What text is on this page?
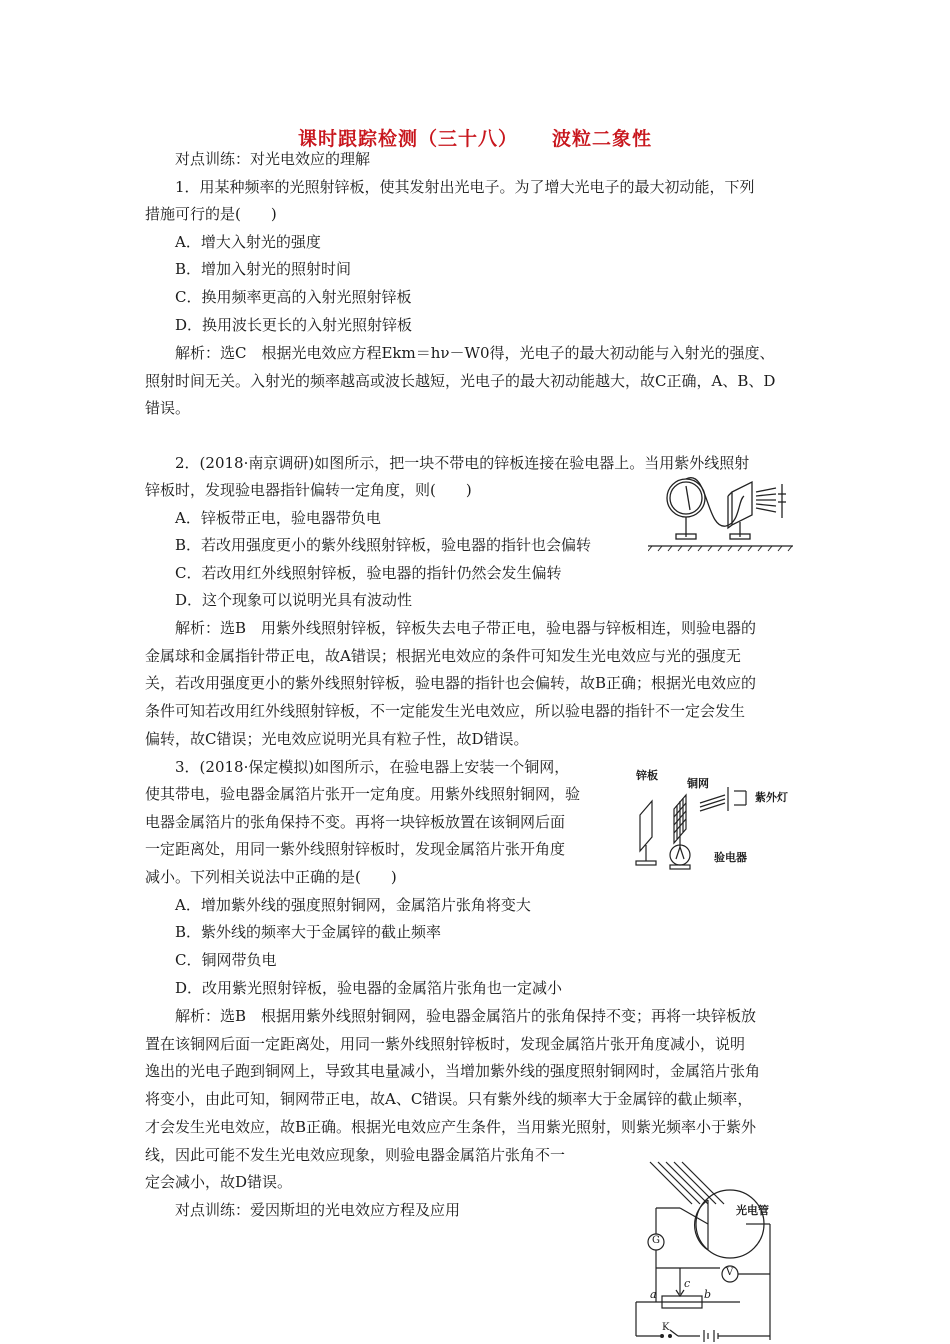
课时跟踪检测（三十八） 波粒二象性
对点训练：对光电效应的理解
1．用某种频率的光照射锌板，使其发射出光电子。为了增大光电子的最大初动能，下列
措施可行的是(　　)
A．增大入射光的强度
B．增加入射光的照射时间
C．换用频率更高的入射光照射锌板
D．换用波长更长的入射光照射锌板
解析：选C　根据光电效应方程Ekm＝hν－W0得，光电子的最大初动能与入射光的强度、
照射时间无关。入射光的频率越高或波长越短，光电子的最大初动能越大，故C正确，A、B、D
错误。
2．(2018·南京调研)如图所示，把一块不带电的锌板连接在验电器上。当用紫外线照射
锌板时，发现验电器指针偏转一定角度，则(　　)
A．锌板带正电，验电器带负电
B．若改用强度更小的紫外线照射锌板，验电器的指针也会偏转
C．若改用红外线照射锌板，验电器的指针仍然会发生偏转
D．这个现象可以说明光具有波动性
解析：选B　用紫外线照射锌板，锌板失去电子带正电，验电器与锌板相连，则验电器的
金属球和金属指针带正电，故A错误；根据光电效应的条件可知发生光电效应与光的强度无
关，若改用强度更小的紫外线照射锌板，验电器的指针也会偏转，故B正确；根据光电效应的
条件可知若改用红外线照射锌板，不一定能发生光电效应，所以验电器的指针不一定会发生
偏转，故C错误；光电效应说明光具有粒子性，故D错误。
3．(2018·保定模拟)如图所示，在验电器上安装一个铜网，
使其带电，验电器金属箔片张开一定角度。用紫外线照射铜网，验
电器金属箔片的张角保持不变。再将一块锌板放置在该铜网后面
一定距离处，用同一紫外线照射锌板时，发现金属箔片张开角度
减小。下列相关说法中正确的是(　　)
A．增加紫外线的强度照射铜网，金属箔片张角将变大
B．紫外线的频率大于金属锌的截止频率
C．铜网带负电
D．改用紫光照射锌板，验电器的金属箔片张角也一定减小
解析：选B　根据用紫外线照射铜网，验电器金属箔片的张角保持不变；再将一块锌板放
置在该铜网后面一定距离处，用同一紫外线照射锌板时，发现金属箔片张开角度减小，说明
逸出的光电子跑到铜网上，导致其电量减小，当增加紫外线的强度照射铜网时，金属箔片张角
将变小，由此可知，铜网带正电，故A、C错误。只有紫外线的频率大于金属锌的截止频率，
才会发生光电效应，故B正确。根据光电效应产生条件，当用紫光照射，则紫光频率小于紫外
线，因此可能不发生光电效应现象，则验电器金属箔片张角不一
定会减小，故D错误。
对点训练：爱因斯坦的光电效应方程及应用
锌板
铜网
紫外灯
验电器
光电管
G
V
c
a	b
K
